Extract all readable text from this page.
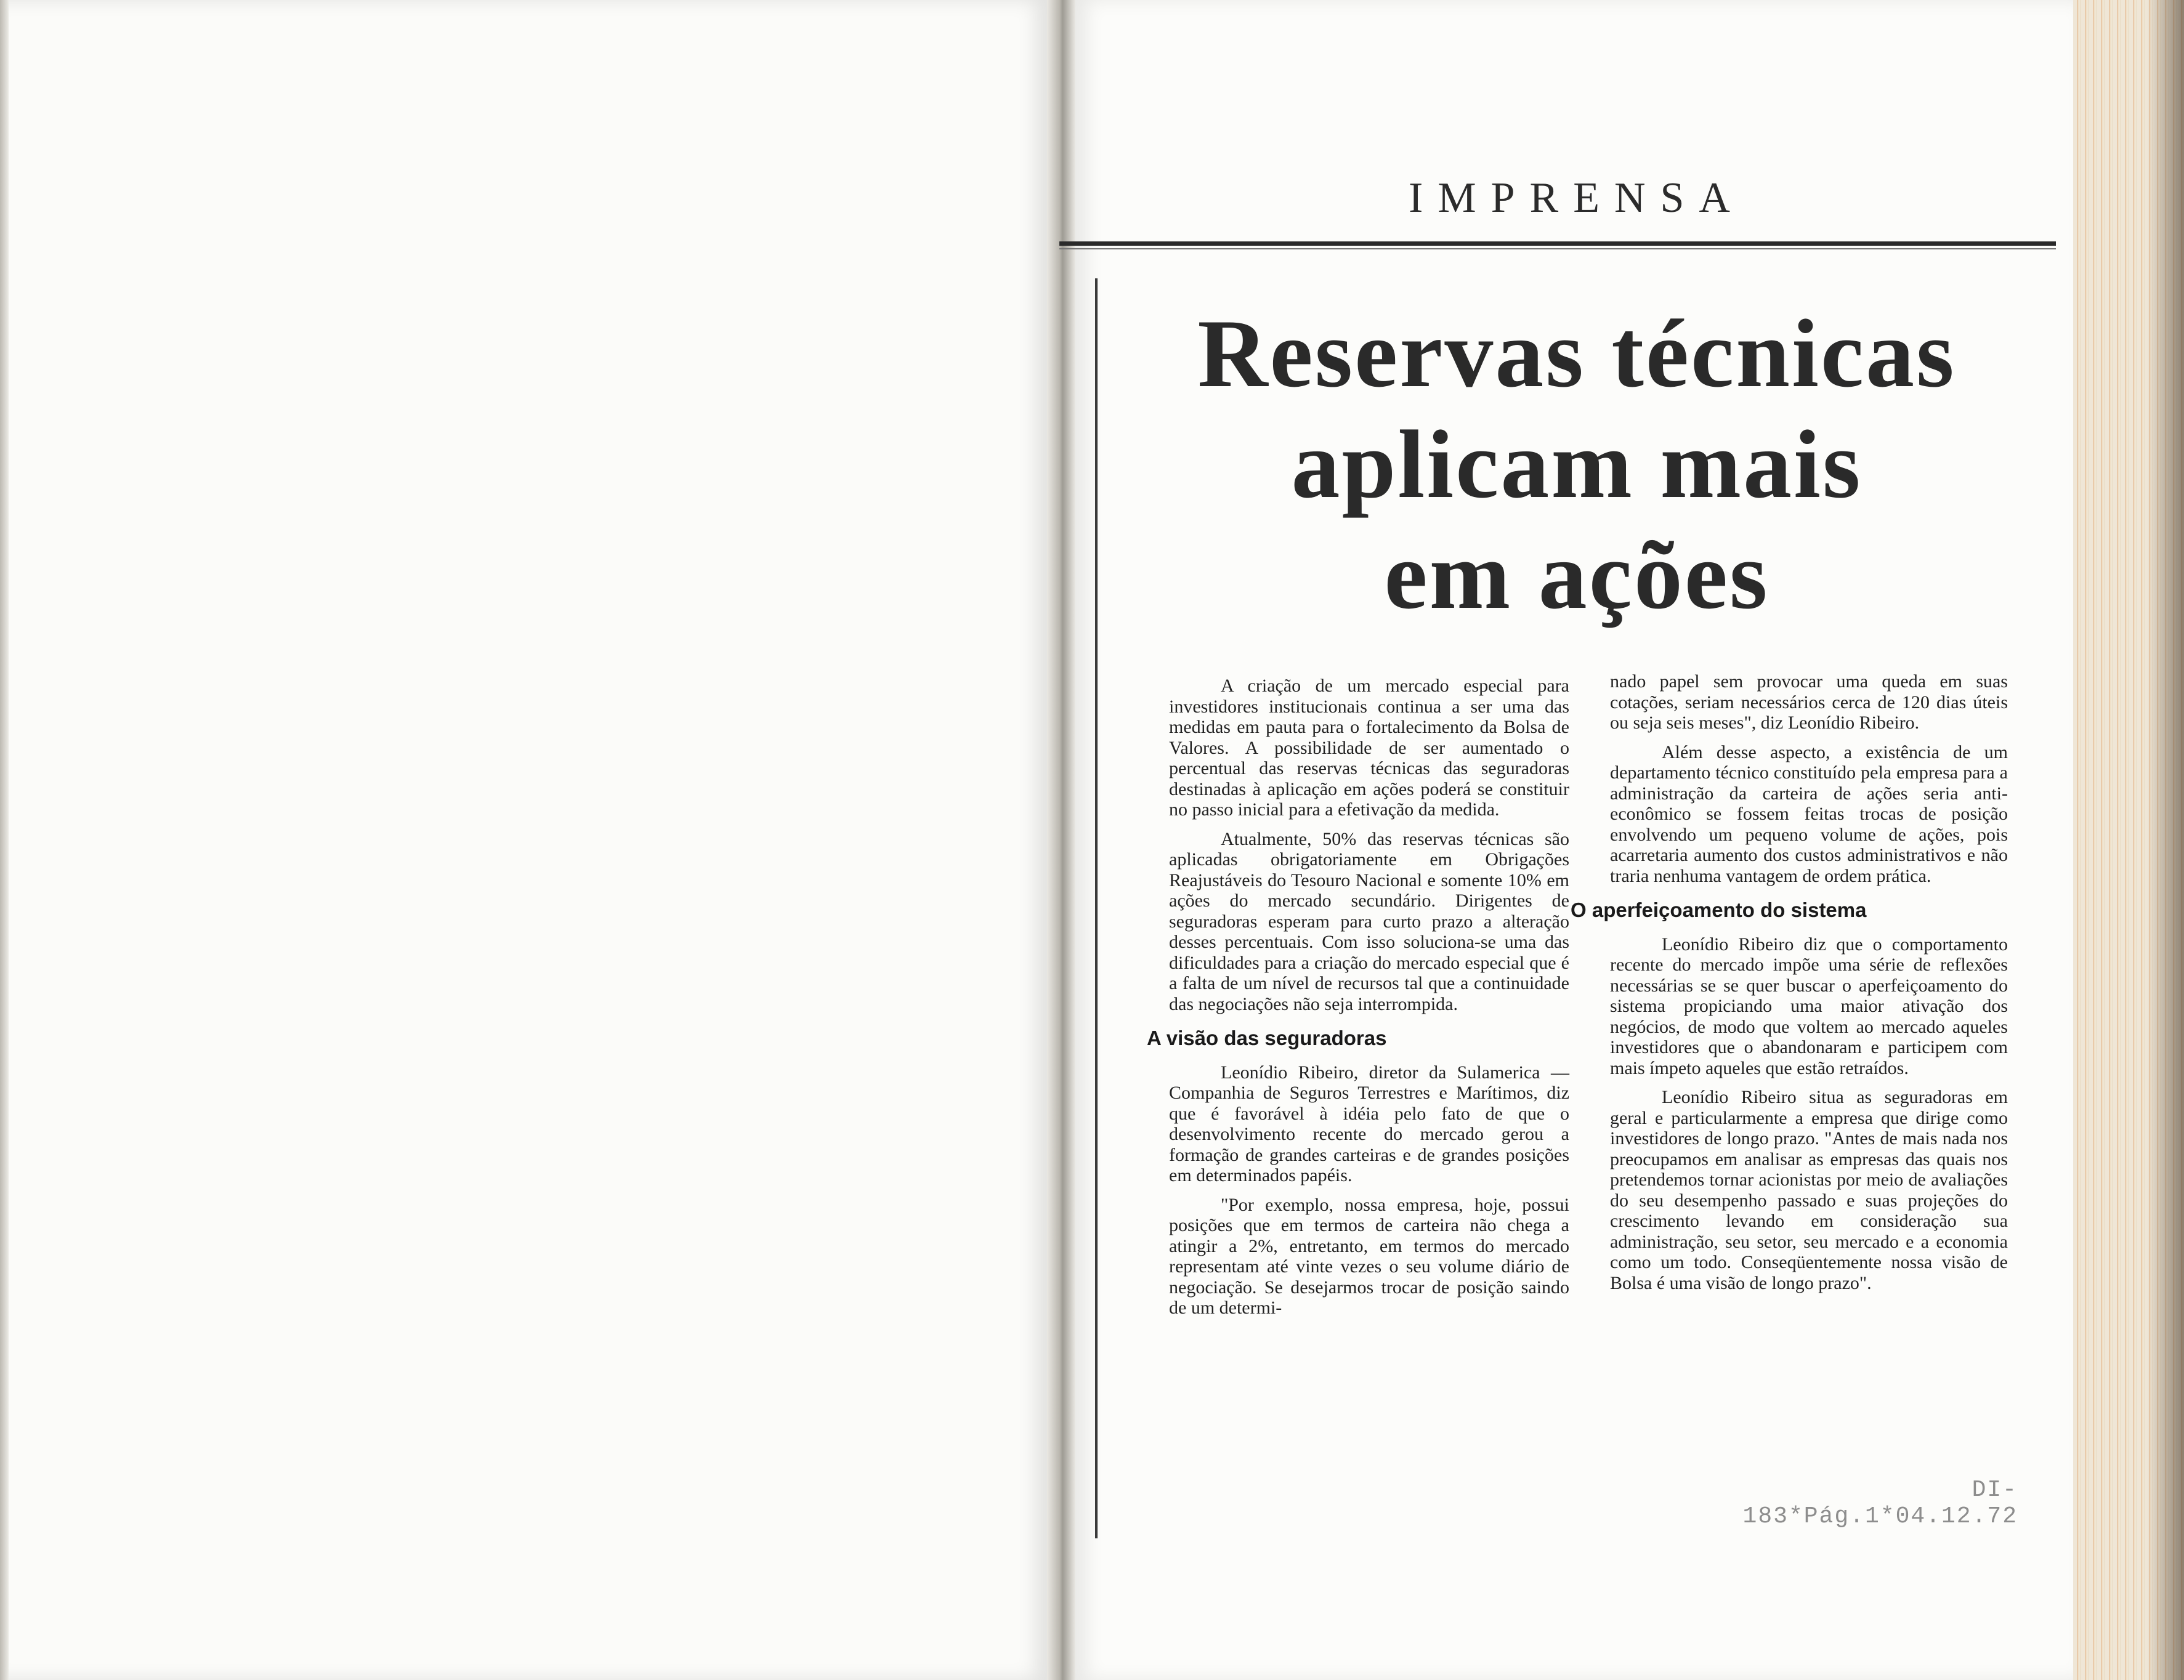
IMPRENSA
Reservas técnicas
aplicam mais
em ações

A criação de um mercado especial para investidores institucionais continua a ser uma das medidas em pauta para o fortalecimento da Bolsa de Valores. A possibilidade de ser aumentado o percentual das reservas técnicas das seguradoras destinadas à aplicação em ações poderá se constituir no passo inicial para a efetivação da medida.

Atualmente, 50% das reservas técnicas são aplicadas obrigatoriamente em Obrigações Reajustáveis do Tesouro Nacional e somente 10% em ações do mercado secundário. Dirigentes de seguradoras esperam para curto prazo a alteração desses percentuais. Com isso soluciona-se uma das dificuldades para a criação do mercado especial que é a falta de um nível de recursos tal que a continuidade das negociações não seja interrompida.

A visão das seguradoras

Leonídio Ribeiro, diretor da Sulamerica — Companhia de Seguros Terrestres e Marítimos, diz que é favorável à idéia pelo fato de que o desenvolvimento recente do mercado gerou a formação de grandes carteiras e de grandes posições em determinados papéis.

"Por exemplo, nossa empresa, hoje, possui posições que em termos de carteira não chega a atingir a 2%, entretanto, em termos do mercado representam até vinte vezes o seu volume diário de negociação. Se desejarmos trocar de posição saindo de um determi-

nado papel sem provocar uma queda em suas cotações, seriam necessários cerca de 120 dias úteis ou seja seis meses", diz Leonídio Ribeiro.

Além desse aspecto, a existência de um departamento técnico constituído pela empresa para a administração da carteira de ações seria anti-econômico se fossem feitas trocas de posição envolvendo um pequeno volume de ações, pois acarretaria aumento dos custos administrativos e não traria nenhuma vantagem de ordem prática.

O aperfeiçoamento do sistema

Leonídio Ribeiro diz que o comportamento recente do mercado impõe uma série de reflexões necessárias se se quer buscar o aperfeiçoamento do sistema propiciando uma maior ativação dos negócios, de modo que voltem ao mercado aqueles investidores que o abandonaram e participem com mais ímpeto aqueles que estão retraídos.

Leonídio Ribeiro situa as seguradoras em geral e particularmente a empresa que dirige como investidores de longo prazo. "Antes de mais nada nos preocupamos em analisar as empresas das quais nos pretendemos tornar acionistas por meio de avaliações do seu desempenho passado e suas projeções do crescimento levando em consideração sua administração, seu setor, seu mercado e a economia como um todo. Conseqüentemente nossa visão de Bolsa é uma visão de longo prazo".

DI-183*Pág.1*04.12.72
